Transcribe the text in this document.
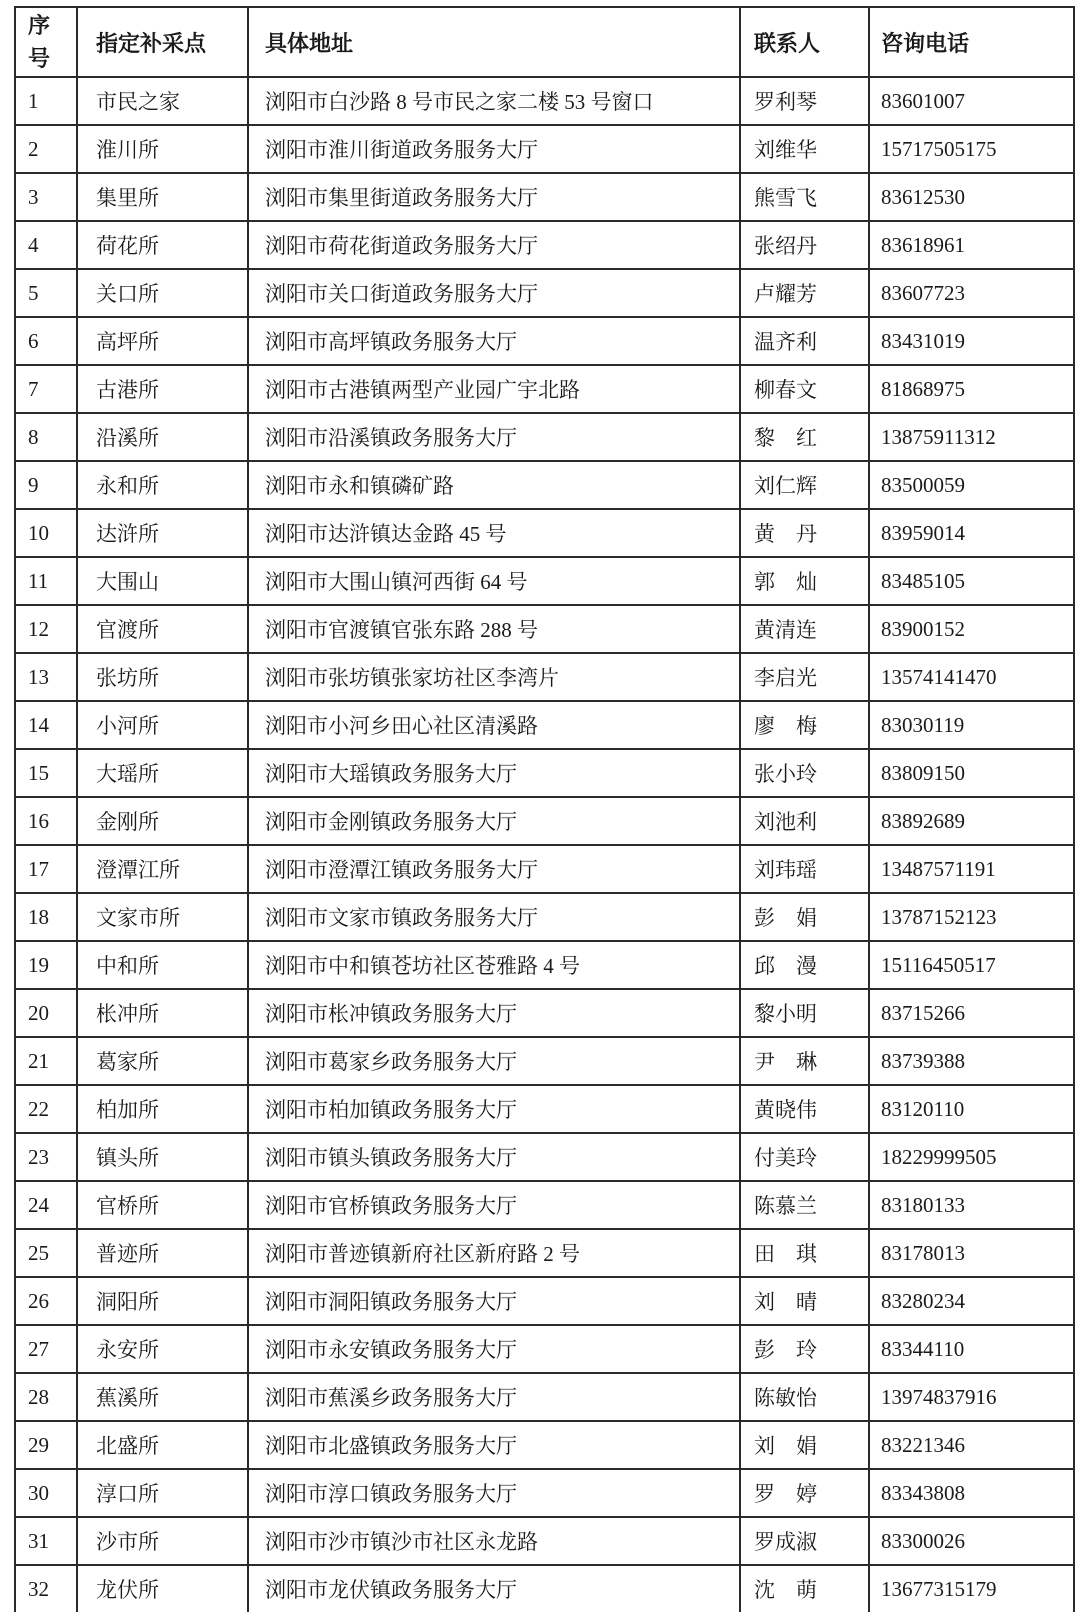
序号	指定补采点	具体地址	联系人	咨询电话
1	市民之家	浏阳市白沙路 8 号市民之家二楼 53 号窗口	罗利琴	83601007
2	淮川所	浏阳市淮川街道政务服务大厅	刘维华	15717505175
3	集里所	浏阳市集里街道政务服务大厅	熊雪飞	83612530
4	荷花所	浏阳市荷花街道政务服务大厅	张绍丹	83618961
5	关口所	浏阳市关口街道政务服务大厅	卢耀芳	83607723
6	高坪所	浏阳市高坪镇政务服务大厅	温齐利	83431019
7	古港所	浏阳市古港镇两型产业园广宇北路	柳春文	81868975
8	沿溪所	浏阳市沿溪镇政务服务大厅	黎　红	13875911312
9	永和所	浏阳市永和镇磷矿路	刘仁辉	83500059
10	达浒所	浏阳市达浒镇达金路 45 号	黄　丹	83959014
11	大围山	浏阳市大围山镇河西街 64 号	郭　灿	83485105
12	官渡所	浏阳市官渡镇官张东路 288 号	黄清连	83900152
13	张坊所	浏阳市张坊镇张家坊社区李湾片	李启光	13574141470
14	小河所	浏阳市小河乡田心社区清溪路	廖　梅	83030119
15	大瑶所	浏阳市大瑶镇政务服务大厅	张小玲	83809150
16	金刚所	浏阳市金刚镇政务服务大厅	刘池利	83892689
17	澄潭江所	浏阳市澄潭江镇政务服务大厅	刘玮瑶	13487571191
18	文家市所	浏阳市文家市镇政务服务大厅	彭　娟	13787152123
19	中和所	浏阳市中和镇苍坊社区苍雅路 4 号	邱　漫	15116450517
20	枨冲所	浏阳市枨冲镇政务服务大厅	黎小明	83715266
21	葛家所	浏阳市葛家乡政务服务大厅	尹　琳	83739388
22	柏加所	浏阳市柏加镇政务服务大厅	黄晓伟	83120110
23	镇头所	浏阳市镇头镇政务服务大厅	付美玲	18229999505
24	官桥所	浏阳市官桥镇政务服务大厅	陈慕兰	83180133
25	普迹所	浏阳市普迹镇新府社区新府路 2 号	田　琪	83178013
26	洞阳所	浏阳市洞阳镇政务服务大厅	刘　晴	83280234
27	永安所	浏阳市永安镇政务服务大厅	彭　玲	83344110
28	蕉溪所	浏阳市蕉溪乡政务服务大厅	陈敏怡	13974837916
29	北盛所	浏阳市北盛镇政务服务大厅	刘　娟	83221346
30	淳口所	浏阳市淳口镇政务服务大厅	罗　婷	83343808
31	沙市所	浏阳市沙市镇沙市社区永龙路	罗成淑	83300026
32	龙伏所	浏阳市龙伏镇政务服务大厅	沈　萌	13677315179
